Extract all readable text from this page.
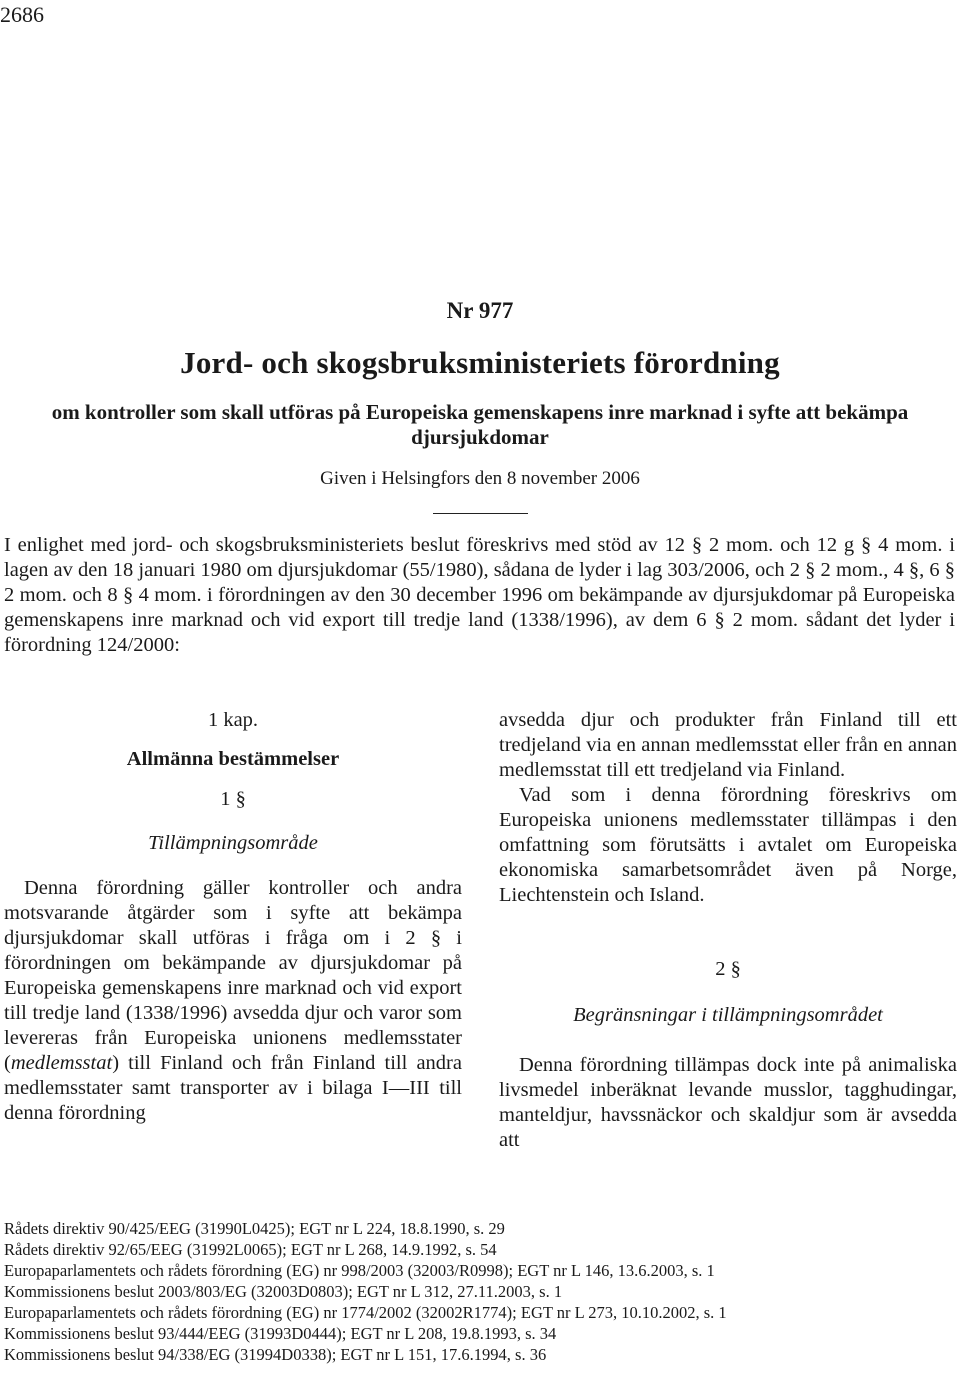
2686
Nr 977
Jord- och skogsbruksministeriets förordning
om kontroller som skall utföras på Europeiska gemenskapens inre marknad i syfte att bekämpa djursjukdomar
Given i Helsingfors den 8 november 2006

I enlighet med jord- och skogsbruksministeriets beslut föreskrivs med stöd av 12 § 2 mom. och 12 g § 4 mom. i lagen av den 18 januari 1980 om djursjukdomar (55/1980), sådana de lyder i lag 303/2006, och 2 § 2 mom., 4 §, 6 § 2 mom. och 8 § 4 mom. i förordningen av den 30 december 1996 om bekämpande av djursjukdomar på Europeiska gemenskapens inre marknad och vid export till tredje land (1338/1996), av dem 6 § 2 mom. sådant det lyder i förordning 124/2000:

1 kap.
Allmänna bestämmelser
1 §
Tillämpningsområde

Denna förordning gäller kontroller och andra motsvarande åtgärder som i syfte att bekämpa djursjukdomar skall utföras i fråga om i 2 § i förordningen om bekämpande av djursjukdomar på Europeiska gemenskapens inre marknad och vid export till tredje land (1338/1996) avsedda djur och varor som levereras från Europeiska unionens medlemsstater (medlemsstat) till Finland och från Finland till andra medlemsstater samt transporter av i bilaga I—III till denna förordning

avsedda djur och produkter från Finland till ett tredjeland via en annan medlemsstat eller från en annan medlemsstat till ett tredjeland via Finland.

Vad som i denna förordning föreskrivs om Europeiska unionens medlemsstater tillämpas i den omfattning som förutsätts i avtalet om Europeiska ekonomiska samarbetsområdet även på Norge, Liechtenstein och Island.

2 §
Begränsningar i tillämpningsområdet

Denna förordning tillämpas dock inte på animaliska livsmedel inberäknat levande musslor, tagghudingar, manteldjur, havssnäckor och skaldjur som är avsedda att

Rådets direktiv 90/425/EEG (31990L0425); EGT nr L 224, 18.8.1990, s. 29
Rådets direktiv 92/65/EEG (31992L0065); EGT nr L 268, 14.9.1992, s. 54
Europaparlamentets och rådets förordning (EG) nr 998/2003 (32003/R0998); EGT nr L 146, 13.6.2003, s. 1
Kommissionens beslut 2003/803/EG (32003D0803); EGT nr L 312, 27.11.2003, s. 1
Europaparlamentets och rådets förordning (EG) nr 1774/2002 (32002R1774); EGT nr L 273, 10.10.2002, s. 1
Kommissionens beslut 93/444/EEG (31993D0444); EGT nr L 208, 19.8.1993, s. 34
Kommissionens beslut 94/338/EG (31994D0338); EGT nr L 151, 17.6.1994, s. 36
